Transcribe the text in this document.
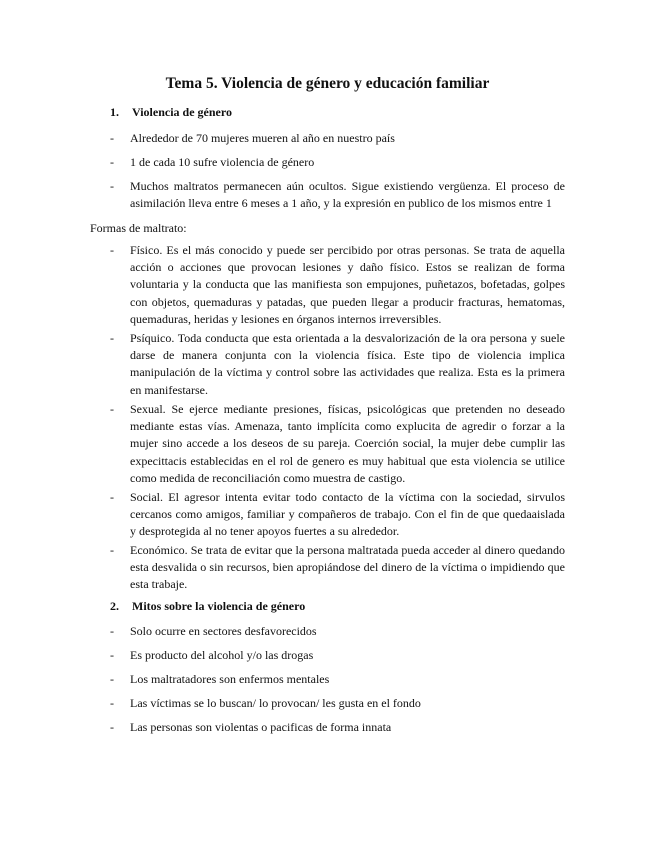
Tema 5. Violencia de género y educación familiar
1. Violencia de género
- Alrededor de 70 mujeres mueren al año en nuestro país
- 1 de cada 10 sufre violencia de género
- Muchos maltratos permanecen aún ocultos. Sigue existiendo vergüenza. El proceso de asimilación lleva entre 6 meses a 1 año, y la expresión en publico de los mismos entre 1
Formas de maltrato:
- Físico. Es el más conocido y puede ser percibido por otras personas. Se trata de aquella acción o acciones que provocan lesiones y daño físico. Estos se realizan de forma voluntaria y la conducta que las manifiesta son empujones, puñetazos, bofetadas, golpes con objetos, quemaduras y patadas, que pueden llegar a producir fracturas, hematomas, quemaduras, heridas y lesiones en órganos internos irreversibles.
- Psíquico. Toda conducta que esta orientada a la desvalorización de la ora persona y suele darse de manera conjunta con la violencia física. Este tipo de violencia implica manipulación de la víctima y control sobre las actividades que realiza. Esta es la primera en manifestarse.
- Sexual. Se ejerce mediante presiones, físicas, psicológicas que pretenden no deseado mediante estas vías. Amenaza, tanto implícita como explucita de agredir o forzar a la mujer sino accede a los deseos de su pareja. Coerción social, la mujer debe cumplir las expecittacis establecidas en el rol de genero es muy habitual que esta violencia se utilice como medida de reconciliación como muestra de castigo.
- Social. El agresor intenta evitar todo contacto de la víctima con la sociedad, sirvulos cercanos como amigos, familiar y compañeros de trabajo. Con el fin de que quedaaislada y desprotegida al no tener apoyos fuertes a su alrededor.
- Económico. Se trata de evitar que la persona maltratada pueda acceder al dinero quedando esta desvalida o sin recursos, bien apropiándose del dinero de la víctima o impidiendo que esta trabaje.
2. Mitos sobre la violencia de género
- Solo ocurre en sectores desfavorecidos
- Es producto del alcohol y/o las drogas
- Los maltratadores son enfermos mentales
- Las víctimas se lo buscan/ lo provocan/ les gusta en el fondo
- Las personas son violentas o pacificas de forma innata
